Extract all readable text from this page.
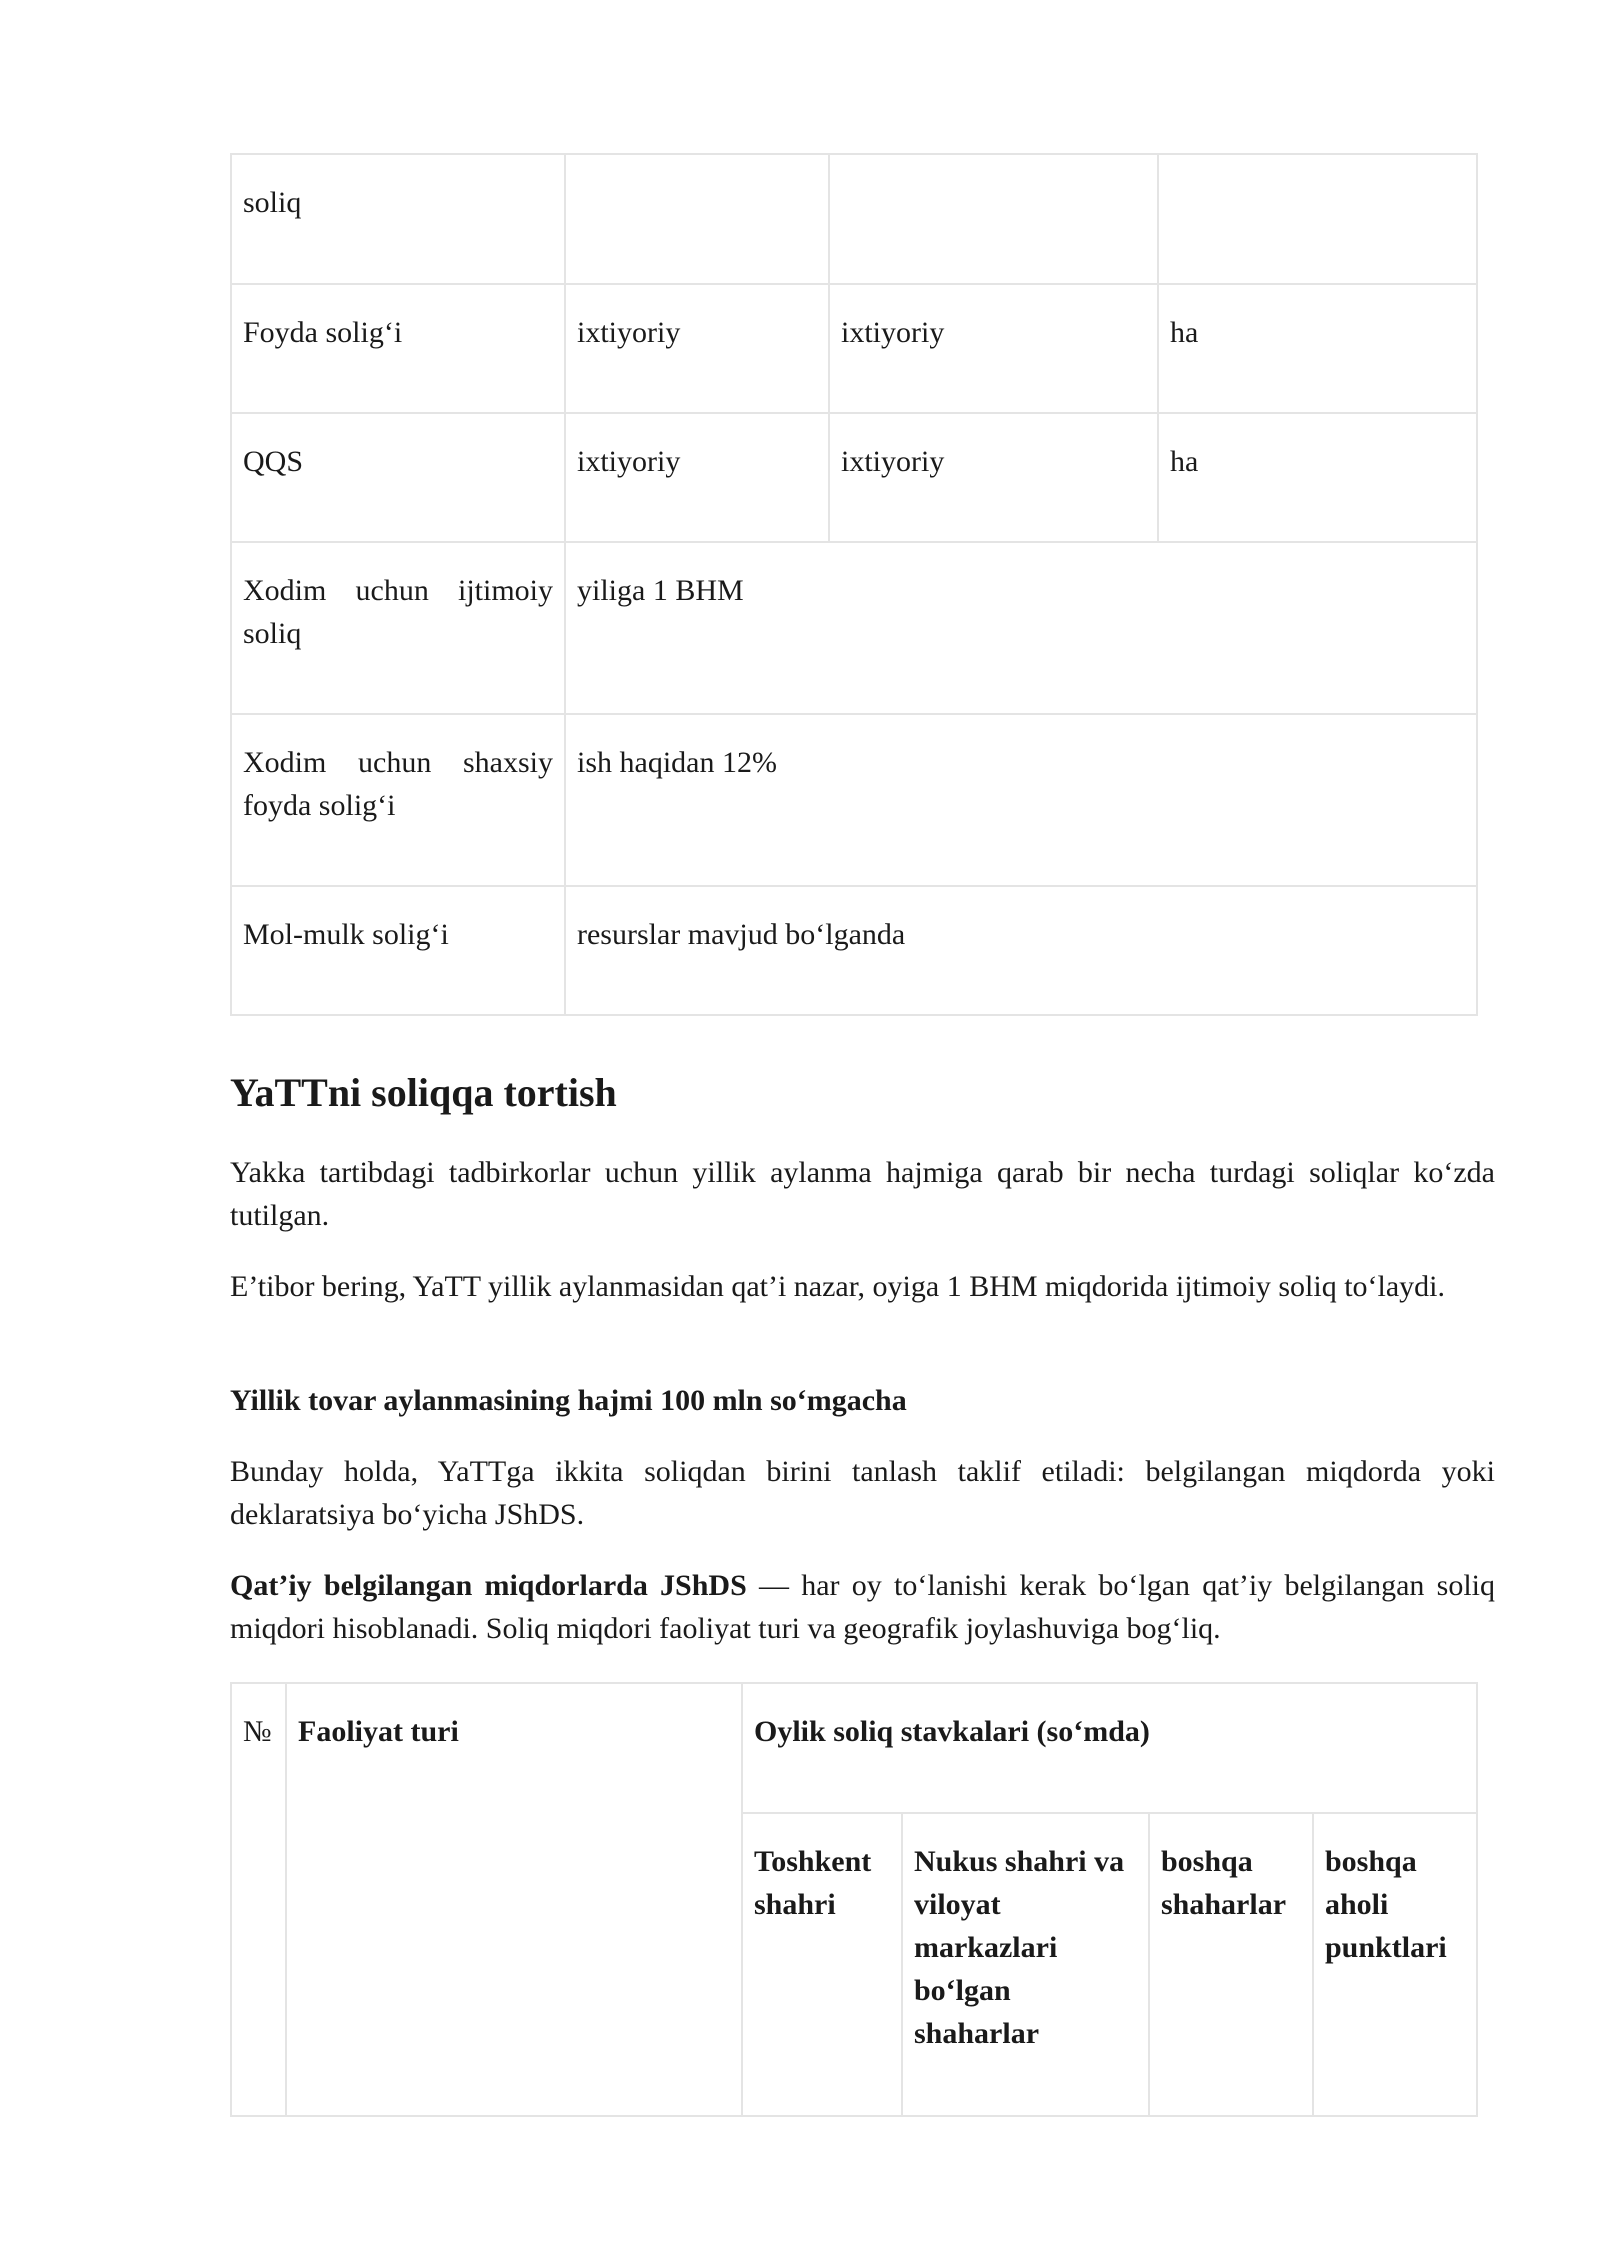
soliq			
Foyda solig‘i	ixtiyoriy	ixtiyoriy	ha
QQS	ixtiyoriy	ixtiyoriy	ha
Xodim uchun ijtimoiy soliq	yiliga 1 BHM		
Xodim uchun shaxsiy foyda solig‘i	ish haqidan 12%		
Mol-mulk solig‘i	resurslar mavjud bo‘lganda		
YaTTni soliqqa tortish

Yakka tartibdagi tadbirkorlar uchun yillik aylanma hajmiga qarab bir necha turdagi soliqlar ko‘zda tutilgan.

E’tibor bering, YaTT yillik aylanmasidan qat’i nazar, oyiga 1 BHM miqdorida ijtimoiy soliq to‘laydi.

Yillik tovar aylanmasining hajmi 100 mln so‘mgacha

Bunday holda, YaTTga ikkita soliqdan birini tanlash taklif etiladi: belgilangan miqdorda yoki deklaratsiya bo‘yicha JShDS.

Qat’iy belgilangan miqdorlarda JShDS — har oy to‘lanishi kerak bo‘lgan qat’iy belgilangan soliq miqdori hisoblanadi. Soliq miqdori faoliyat turi va geografik joylashuviga bog‘liq.

№	Faoliyat turi	Oylik soliq stavkalari (so‘mda)			
		Toshkent shahri	Nukus shahri va viloyat markazlari bo‘lgan shaharlar	boshqa shaharlar	boshqa aholi punktlari
